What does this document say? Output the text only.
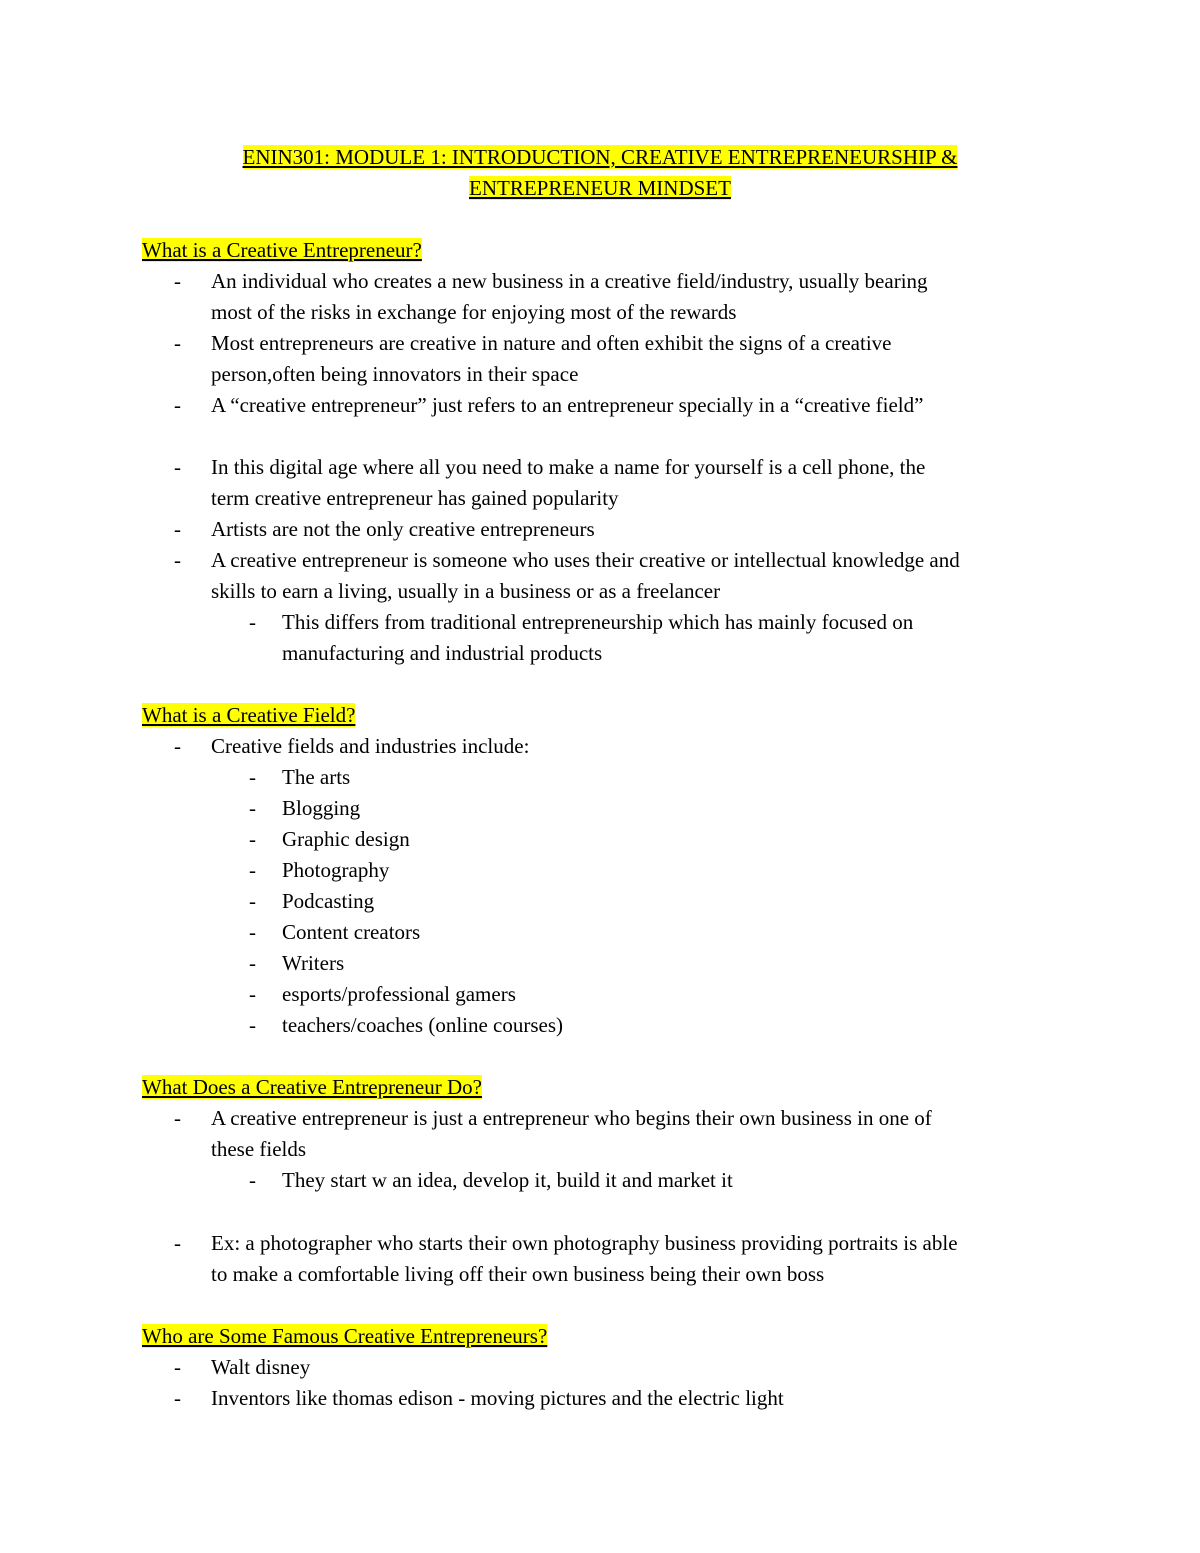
ENIN301: MODULE 1: INTRODUCTION, CREATIVE ENTREPRENEURSHIP &
ENTREPRENEUR MINDSET
What is a Creative Entrepreneur?
-	An individual who creates a new business in a creative field/industry, usually bearing
most of the risks in exchange for enjoying most of the rewards
-	Most entrepreneurs are creative in nature and often exhibit the signs of a creative
person,often being innovators in their space
-	A “creative entrepreneur” just refers to an entrepreneur specially in a “creative field”
-	In this digital age where all you need to make a name for yourself is a cell phone, the
term creative entrepreneur has gained popularity
-	Artists are not the only creative entrepreneurs
-	A creative entrepreneur is someone who uses their creative or intellectual knowledge and
skills to earn a living, usually in a business or as a freelancer
-	This differs from traditional entrepreneurship which has mainly focused on
manufacturing and industrial products
What is a Creative Field?
-	Creative fields and industries include:
-	The arts
-	Blogging
-	Graphic design
-	Photography
-	Podcasting
-	Content creators
-	Writers
-	esports/professional gamers
-	teachers/coaches (online courses)
What Does a Creative Entrepreneur Do?
-	A creative entrepreneur is just a entrepreneur who begins their own business in one of
these fields
-	They start w an idea, develop it, build it and market it
-	Ex: a photographer who starts their own photography business providing portraits is able
to make a comfortable living off their own business being their own boss
Who are Some Famous Creative Entrepreneurs?
-	Walt disney
-	Inventors like thomas edison - moving pictures and the electric light
